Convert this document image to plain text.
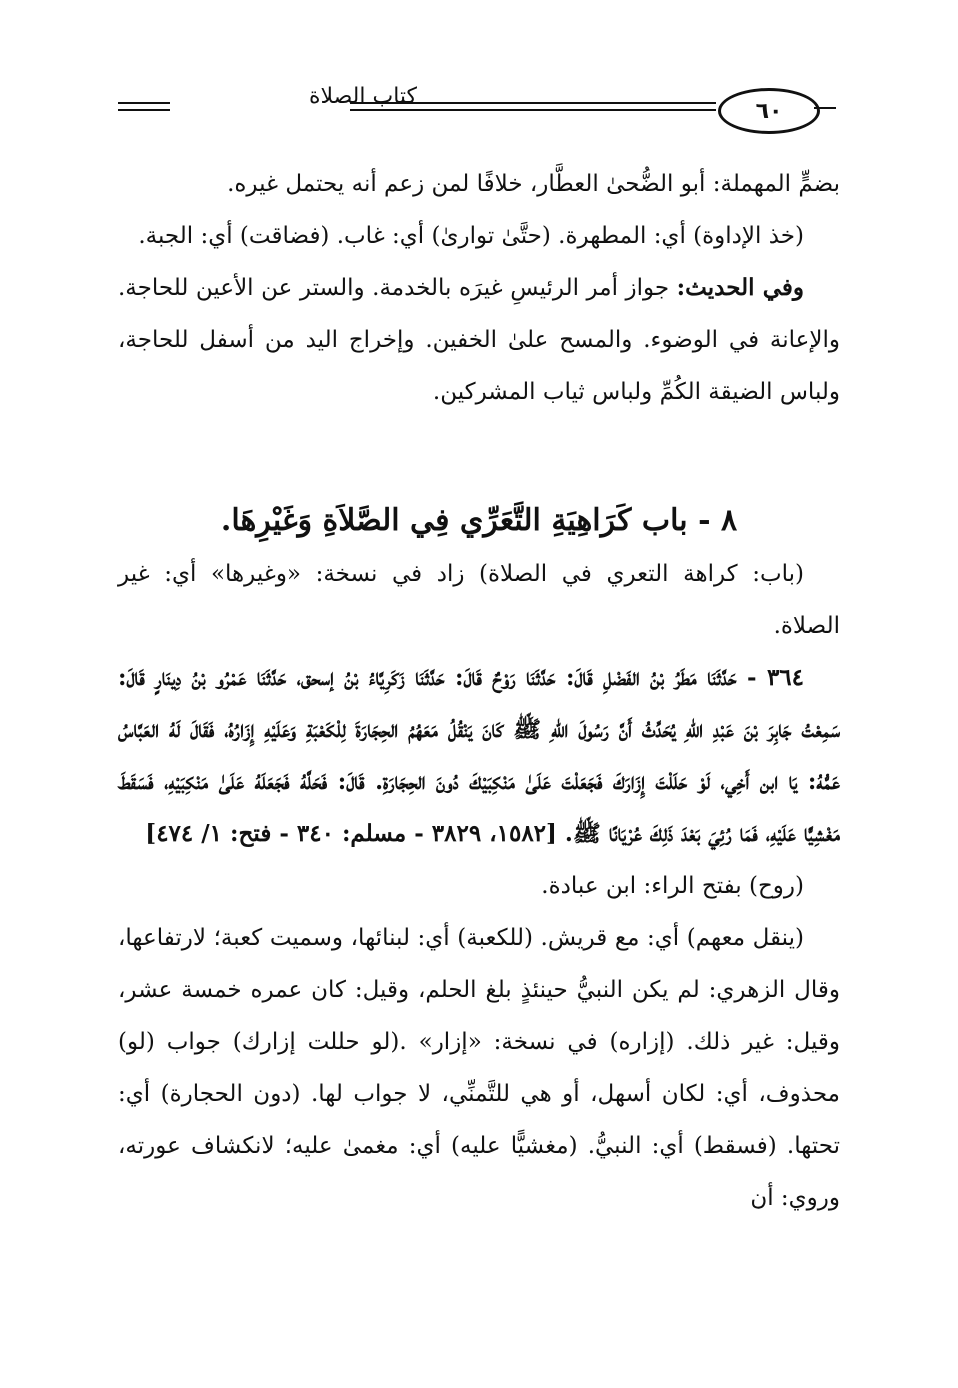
كتاب الصلاة
٦٠

بضمٍّ المهملة: أبو الضُّحىٰ العطَّار، خلافًا لمن زعم أنه يحتمل غيره.

(خذ الإداوة) أي: المطهرة. (حتَّىٰ توارىٰ) أي: غاب. (فضاقت) أي: الجبة.

وفي الحديث: جواز أمر الرئيسِ غيرَه بالخدمة. والستر عن الأعين للحاجة. والإعانة في الوضوء. والمسح علىٰ الخفين. وإخراج اليد من أسفل للحاجة، ولباس الضيقة الكُمِّ ولباس ثياب المشركين.

٨ - باب كَرَاهِيَةِ التَّعَرِّي فِي الصَّلاَةِ وَغَيْرِهَا.

(باب: كراهة التعري في الصلاة) زاد في نسخة: «وغيرها» أي: غير الصلاة.

٣٦٤ - حَدَّثَنَا مَطَرُ بْنُ الفَضْلِ قَالَ: حَدَّثَنَا رَوْحٌ قَالَ: حَدَّثَنَا زَكَرِيَّاءُ بْنُ إسحق، حَدَّثَنَا عَمْرُو بْنُ دِينَارٍ قَالَ: سَمِعْتُ جَابِرَ بْنَ عَبْدِ اللهِ يُحَدِّثُ أَنَّ رَسُولَ اللهِ ﷺ كَانَ يَنْقُلُ مَعَهُمُ الحِجَارَةَ لِلْكَعْبَةِ وَعَلَيْهِ إِزَارُهُ، فَقَالَ لَهُ العَبَّاسُ عَمُّهُ: يَا ابن أَخِي، لَوْ حَلَلْتَ إِزَارَكَ فَجَعَلْتَ عَلَىٰ مَنْكِبَيْكَ دُونَ الحِجَارَةِ. قَالَ: فَحَلَّهُ فَجَعَلَهُ عَلَىٰ مَنْكِبَيْهِ، فَسَقَطَ مَغْشِيًّا عَلَيْهِ، فَمَا رُئِيَ بَعْدَ ذَلِكَ عُرْيَانًا ﷺ. [١٥٨٢، ٣٨٢٩ - مسلم: ٣٤٠ - فتح: ١/ ٤٧٤]

(روح) بفتح الراء: ابن عبادة.

(ينقل معهم) أي: مع قريش. (للكعبة) أي: لبنائها، وسميت كعبة؛ لارتفاعها، وقال الزهري: لم يكن النبيُّ حينئذٍ بلغ الحلم، وقيل: كان عمره خمسة عشر، وقيل: غير ذلك. (إزاره) في نسخة: «إزار» .(لو حللت إزارك) جواب (لو) محذوف، أي: لكان أسهل، أو هي للتَّمنِّي، لا جواب لها. (دون الحجارة) أي: تحتها. (فسقط) أي: النبيُّ. (مغشيًّا عليه) أي: مغمىٰ عليه؛ لانكشاف عورته، وروي: أن
